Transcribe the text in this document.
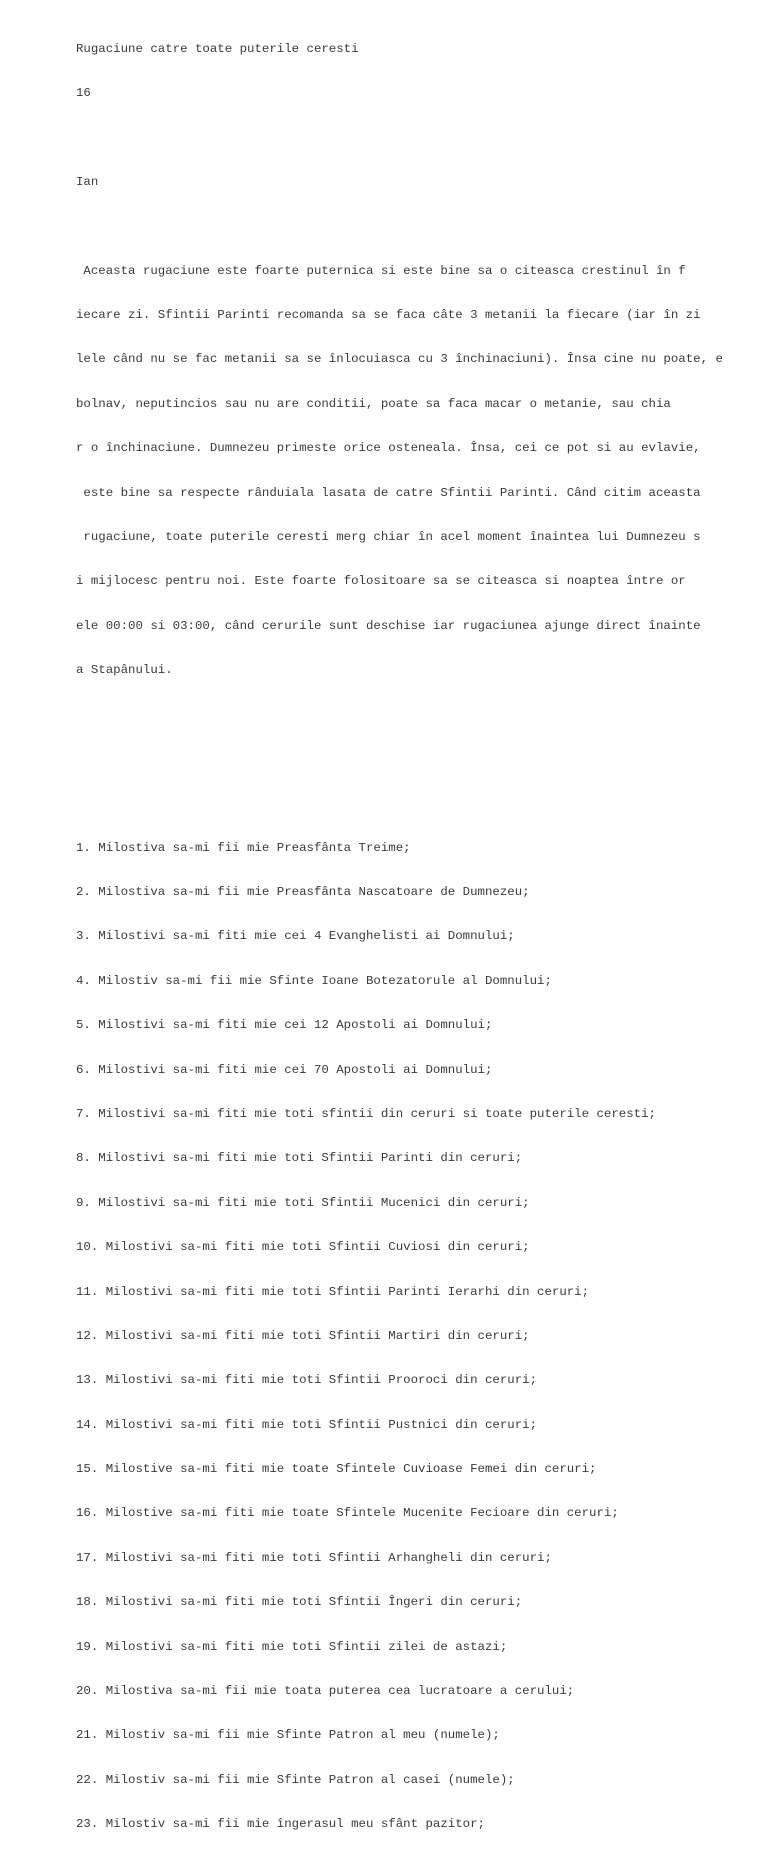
Rugaciune catre toate puterile ceresti

16

Ian

Aceasta rugaciune este foarte puternica si este bine sa o citeasca crestinul în f

iecare zi. Sfintii Parinti recomanda sa se faca câte 3 metanii la fiecare (iar în zi

lele când nu se fac metanii sa se înlocuiasca cu 3 închinaciuni). Însa cine nu poate, e

bolnav, neputincios sau nu are conditii, poate sa faca macar o metanie, sau chia

r o închinaciune. Dumnezeu primeste orice osteneala. Însa, cei ce pot si au evlavie,

este bine sa respecte rânduiala lasata de catre Sfintii Parinti. Când citim aceasta

rugaciune, toate puterile ceresti merg chiar în acel moment înaintea lui Dumnezeu s

i mijlocesc pentru noi. Este foarte folositoare sa se citeasca si noaptea între or

ele 00:00 si 03:00, când cerurile sunt deschise iar rugaciunea ajunge direct înainte

a Stapânului.

1. Milostiva sa-mi fii mie Preasfânta Treime;

2. Milostiva sa-mi fii mie Preasfânta Nascatoare de Dumnezeu;

3. Milostivi sa-mi fiti mie cei 4 Evanghelisti ai Domnului;

4. Milostiv sa-mi fii mie Sfinte Ioane Botezatorule al Domnului;

5. Milostivi sa-mi fiti mie cei 12 Apostoli ai Domnului;

6. Milostivi sa-mi fiti mie cei 70 Apostoli ai Domnului;

7. Milostivi sa-mi fiti mie toti sfintii din ceruri si toate puterile ceresti;

8. Milostivi sa-mi fiti mie toti Sfintii Parinti din ceruri;

9. Milostivi sa-mi fiti mie toti Sfintii Mucenici din ceruri;

10. Milostivi sa-mi fiti mie toti Sfintii Cuviosi din ceruri;

11. Milostivi sa-mi fiti mie toti Sfintii Parinti Ierarhi din ceruri;

12. Milostivi sa-mi fiti mie toti Sfintii Martiri din ceruri;

13. Milostivi sa-mi fiti mie toti Sfintii Prooroci din ceruri;

14. Milostivi sa-mi fiti mie toti Sfintii Pustnici din ceruri;

15. Milostive sa-mi fiti mie toate Sfintele Cuvioase Femei din ceruri;

16. Milostive sa-mi fiti mie toate Sfintele Mucenite Fecioare din ceruri;

17. Milostivi sa-mi fiti mie toti Sfintii Arhangheli din ceruri;

18. Milostivi sa-mi fiti mie toti Sfintii Îngeri din ceruri;

19. Milostivi sa-mi fiti mie toti Sfintii zilei de astazi;

20. Milostiva sa-mi fii mie toata puterea cea lucratoare a cerului;

21. Milostiv sa-mi fii mie Sfinte Patron al meu (numele);

22. Milostiv sa-mi fii mie Sfinte Patron al casei (numele);

23. Milostiv sa-mi fii mie îngerasul meu sfânt pazitor;
